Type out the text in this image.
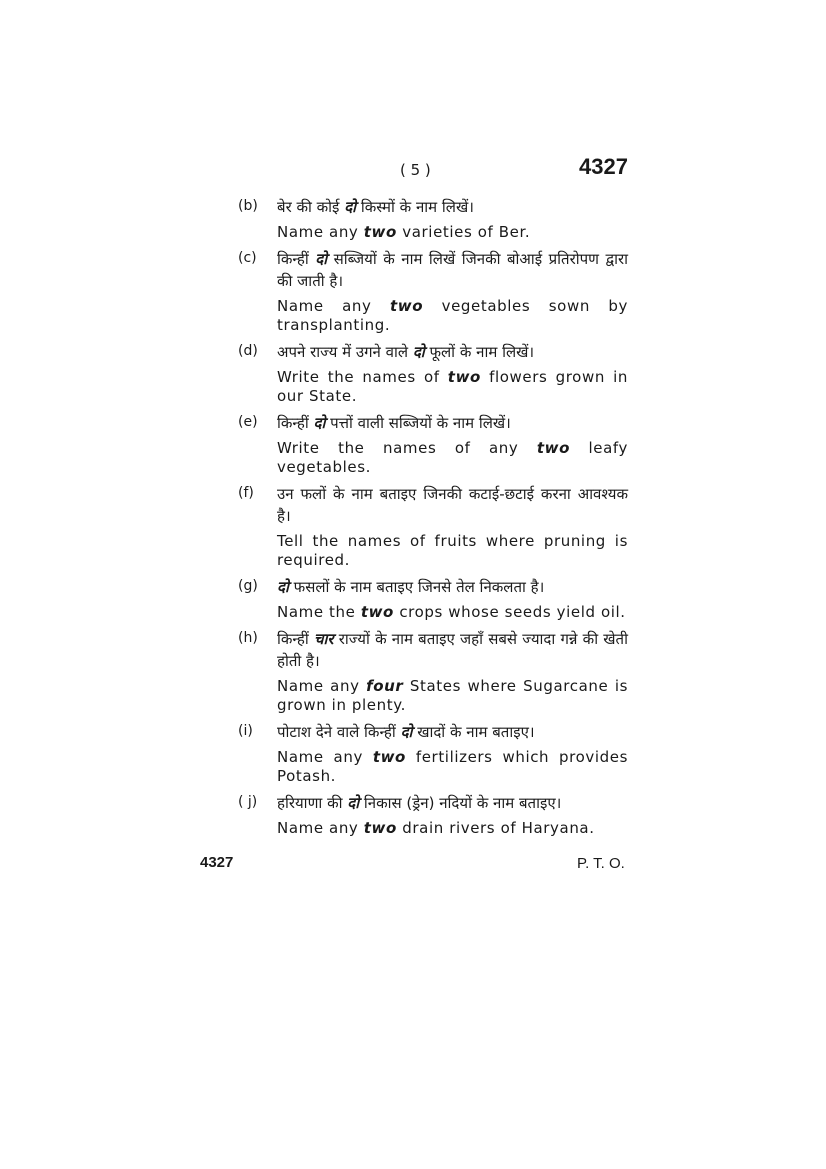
( 5 )	4327
(b) बेर की कोई दो किस्मों के नाम लिखें।
Name any two varieties of Ber.
(c) किन्हीं दो सब्जियों के नाम लिखें जिनकी बोआई प्रतिरोपण द्वारा की जाती है।
Name any two vegetables sown by transplanting.
(d) अपने राज्य में उगने वाले दो फूलों के नाम लिखें।
Write the names of two flowers grown in our State.
(e) किन्हीं दो पत्तों वाली सब्जियों के नाम लिखें।
Write the names of any two leafy vegetables.
(f) उन फलों के नाम बताइए जिनकी कटाई-छटाई करना आवश्यक है।
Tell the names of fruits where pruning is required.
(g) दो फसलों के नाम बताइए जिनसे तेल निकलता है।
Name the two crops whose seeds yield oil.
(h) किन्हीं चार राज्यों के नाम बताइए जहाँ सबसे ज्यादा गन्ने की खेती होती है।
Name any four States where Sugarcane is grown in plenty.
(i) पोटाश देने वाले किन्हीं दो खादों के नाम बताइए।
Name any two fertilizers which provides Potash.
( j) हरियाणा की दो निकास (ड्रेन) नदियों के नाम बताइए।
Name any two drain rivers of Haryana.
4327	P. T. O.
